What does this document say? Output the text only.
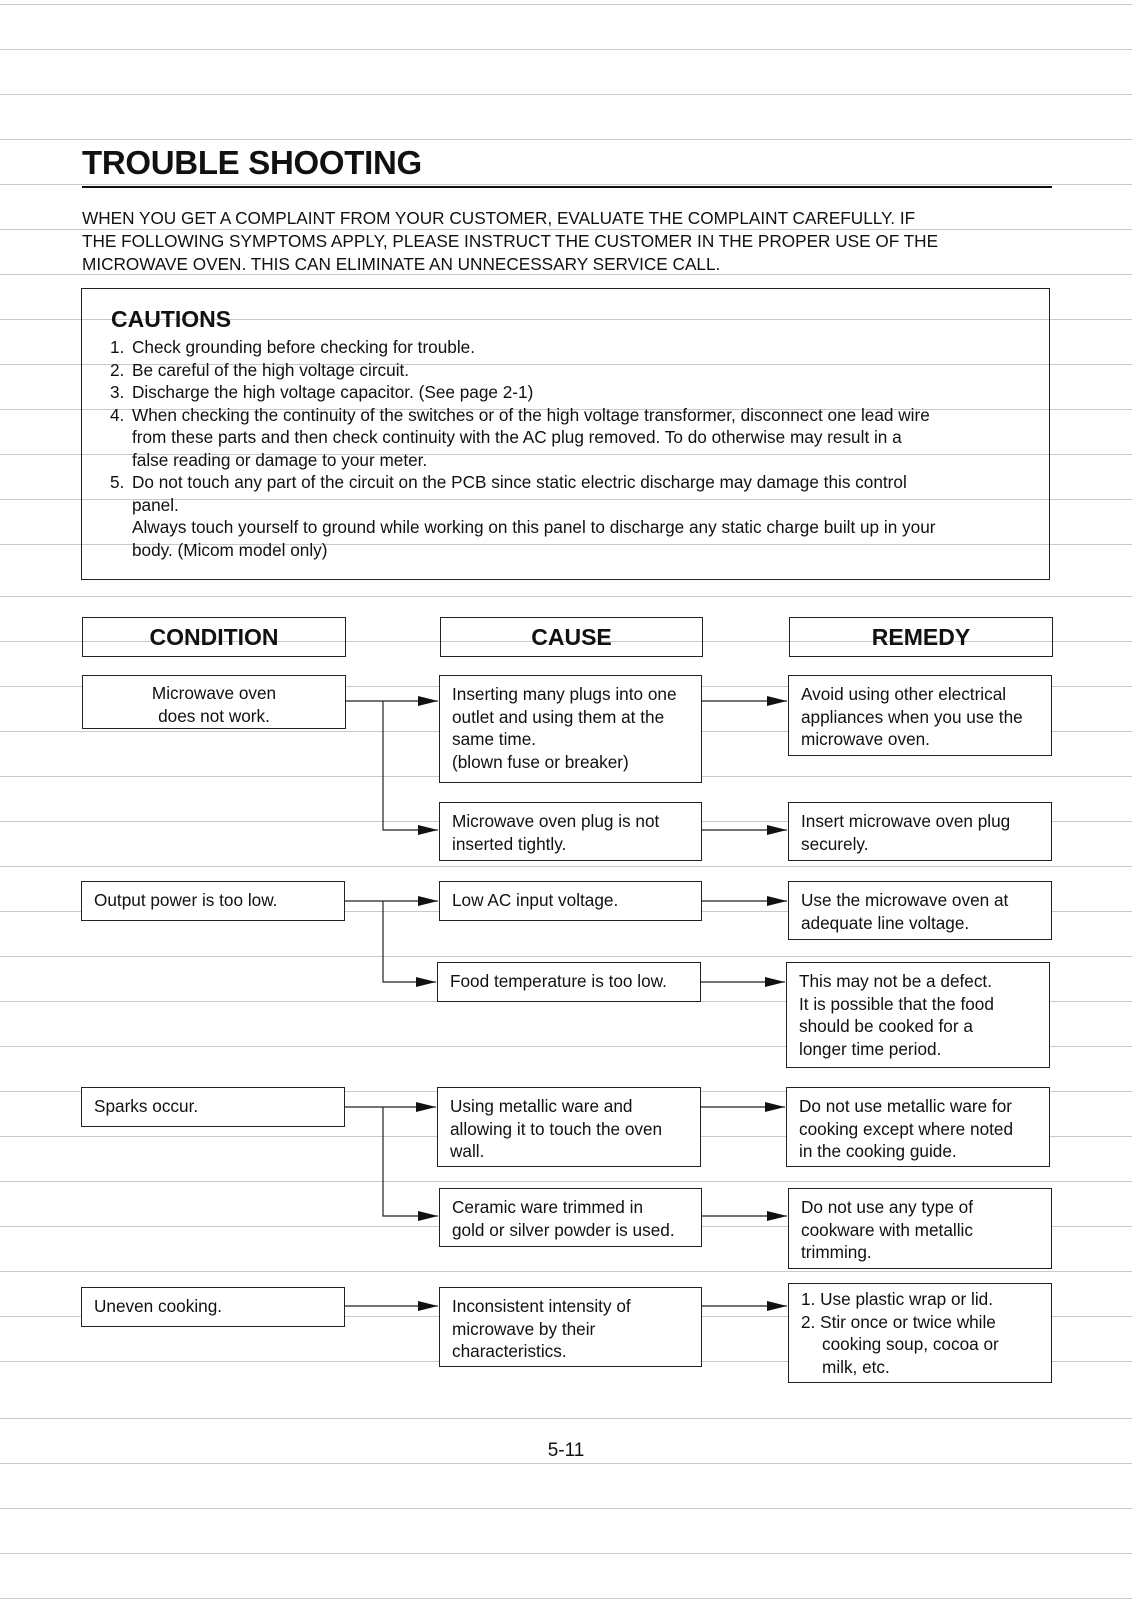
TROUBLE SHOOTING
WHEN YOU GET A COMPLAINT FROM YOUR CUSTOMER, EVALUATE THE COMPLAINT CAREFULLY. IF
THE FOLLOWING SYMPTOMS APPLY, PLEASE INSTRUCT THE CUSTOMER IN THE PROPER USE OF THE
MICROWAVE OVEN. THIS CAN ELIMINATE AN UNNECESSARY SERVICE CALL.
CAUTIONS
1. Check grounding before checking for trouble.
2. Be careful of the high voltage circuit.
3. Discharge the high voltage capacitor. (See page 2-1)
4. When checking the continuity of the switches or of the high voltage transformer, disconnect one lead wire
from these parts and then check continuity with the AC plug removed. To do otherwise may result in a
false reading or damage to your meter.
5. Do not touch any part of the circuit on the PCB since static electric discharge may damage this control
panel.
Always touch yourself to ground while working on this panel to discharge any static charge built up in your
body. (Micom model only)
CONDITION	CAUSE	REMEDY
Microwave oven
does not work.
Output power is too low.
Sparks occur.
Uneven cooking.
Inserting many plugs into one
outlet and using them at the
same time.
(blown fuse or breaker)
Microwave oven plug is not
inserted tightly.
Low AC input voltage.
Food temperature is too low.
Using metallic ware and
allowing it to touch the oven
wall.
Ceramic ware trimmed in
gold or silver powder is used.
Inconsistent intensity of
microwave by their
characteristics.
Avoid using other electrical
appliances when you use the
microwave oven.
Insert microwave oven plug
securely.
Use the microwave oven at
adequate line voltage.
This may not be a defect.
It is possible that the food
should be cooked for a
longer time period.
Do not use metallic ware for
cooking except where noted
in the cooking guide.
Do not use any type of
cookware with metallic
trimming.
1. Use plastic wrap or lid.
2. Stir once or twice while
cooking soup, cocoa or
milk, etc.
5-11
